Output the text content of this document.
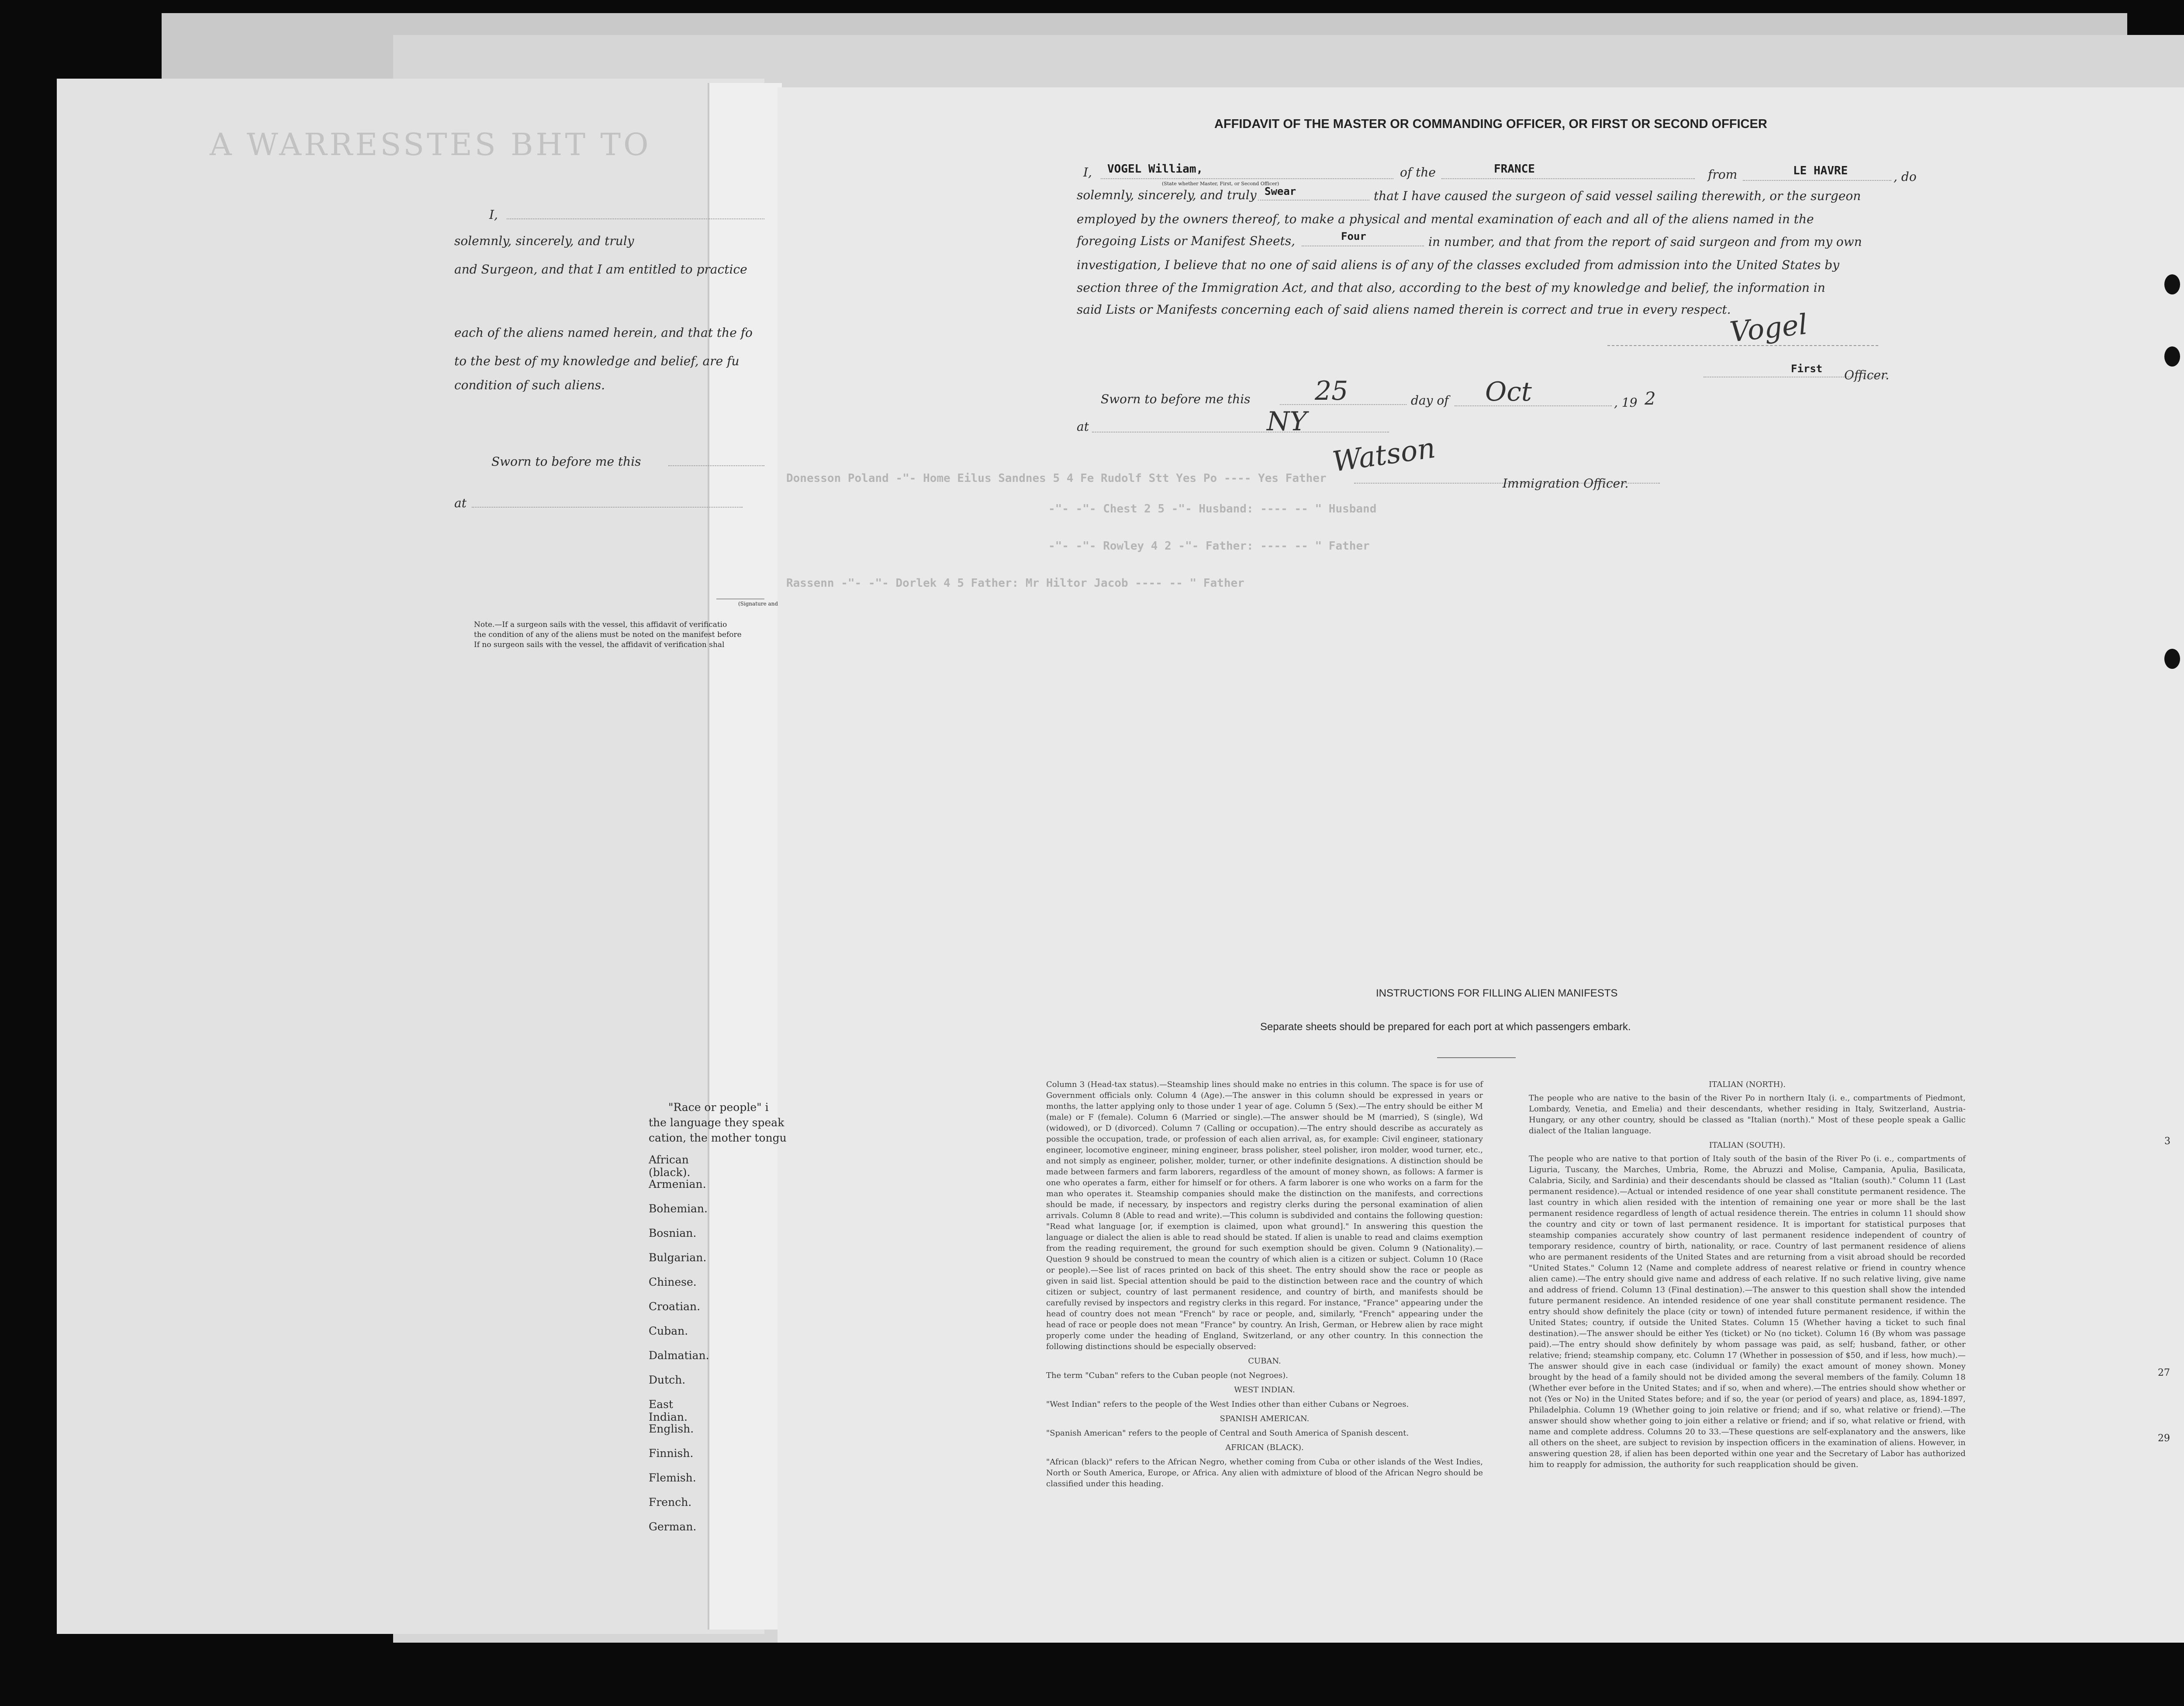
A WARRESSTES BHT TO
Donesson Poland -"- Home Eilus Sandnes 5 4 Fe Rudolf Stt Yes Po ---- Yes Father
-"- -"- Chest 2 5 -"- Husband: ---- -- " Husband
-"- -"- Rowley 4 2 -"- Father: ---- -- " Father
Rassenn -"- -"- Dorlek 4 5 Father: Mr Hiltor Jacob ---- -- " Father
I,
solemnly, sincerely, and truly
and Surgeon, and that I am entitled to practice
each of the aliens named herein, and that the fo
to the best of my knowledge and belief, are fu
condition of such aliens.
Sworn to before me this
at
(Signature and
Note.—If a surgeon sails with the vessel, this affidavit of verificatio
the condition of any of the aliens must be noted on the manifest before
If no surgeon sails with the vessel, the affidavit of verification shal
"Race or people" i
the language they speak
cation, the mother tongu
African (black).
Armenian.
Bohemian.
Bosnian.
Bulgarian.
Chinese.
Croatian.
Cuban.
Dalmatian.
Dutch.
East Indian.
English.
Finnish.
Flemish.
French.
German.
AFFIDAVIT OF THE MASTER OR COMMANDING OFFICER, OR FIRST OR SECOND OFFICER
I, VOGEL William,	of the	FRANCE	from	LE HAVRE	, do
(State whether Master, First, or Second Officer)
solemnly, sincerely, and truly Swear	that I have caused the surgeon of said vessel sailing therewith, or the surgeon
employed by the owners thereof, to make a physical and mental examination of each and all of the aliens named in the
foregoing Lists or Manifest Sheets,	Four	in number, and that from the report of said surgeon and from my own
investigation, I believe that no one of said aliens is of any of the classes excluded from admission into the United States by
section three of the Immigration Act, and that also, according to the best of my knowledge and belief, the information in
said Lists or Manifests concerning each of said aliens named therein is correct and true in every respect.
Vogel
First Officer.
Sworn to before me this 25	day of Oct	, 19 2
at	NY
Watson
Immigration Officer.
INSTRUCTIONS FOR FILLING ALIEN MANIFESTS
Separate sheets should be prepared for each port at which passengers embark.
Column 3 (Head-tax status).—Steamship lines should make no entries in this column. The space is for use of Government officials only. Column 4 (Age).—The answer in this column should be expressed in years or months, the latter applying only to those under 1 year of age. Column 5 (Sex).—The entry should be either M (male) or F (female). Column 6 (Married or single).—The answer should be M (married), S (single), Wd (widowed), or D (divorced). Column 7 (Calling or occupation).—The entry should describe as accurately as possible the occupation, trade, or profession of each alien arrival, as, for example: Civil engineer, stationary engineer, locomotive engineer, mining engineer, brass polisher, steel polisher, iron molder, wood turner, etc., and not simply as engineer, polisher, molder, turner, or other indefinite designations. A distinction should be made between farmers and farm laborers, regardless of the amount of money shown, as follows: A farmer is one who operates a farm, either for himself or for others. A farm laborer is one who works on a farm for the man who operates it. Steamship companies should make the distinction on the manifests, and corrections should be made, if necessary, by inspectors and registry clerks during the personal examination of alien arrivals. Column 8 (Able to read and write).—This column is subdivided and contains the following question: "Read what language [or, if exemption is claimed, upon what ground]." In answering this question the language or dialect the alien is able to read should be stated. If alien is unable to read and claims exemption from the reading requirement, the ground for such exemption should be given. Column 9 (Nationality).—Question 9 should be construed to mean the country of which alien is a citizen or subject. Column 10 (Race or people).—See list of races printed on back of this sheet. The entry should show the race or people as given in said list. Special attention should be paid to the distinction between race and the country of which citizen or subject, country of last permanent residence, and country of birth, and manifests should be carefully revised by inspectors and registry clerks in this regard. For instance, "France" appearing under the head of country does not mean "French" by race or people, and, similarly, "French" appearing under the head of race or people does not mean "France" by country. An Irish, German, or Hebrew alien by race might properly come under the heading of England, Switzerland, or any other country. In this connection the following distinctions should be especially observed:
CUBAN.
The term "Cuban" refers to the Cuban people (not Negroes).
WEST INDIAN.
"West Indian" refers to the people of the West Indies other than either Cubans or Negroes.
SPANISH AMERICAN.
"Spanish American" refers to the people of Central and South America of Spanish descent.
AFRICAN (BLACK).
"African (black)" refers to the African Negro, whether coming from Cuba or other islands of the West Indies, North or South America, Europe, or Africa. Any alien with admixture of blood of the African Negro should be classified under this heading.
ITALIAN (NORTH).
The people who are native to the basin of the River Po in northern Italy (i. e., compartments of Piedmont, Lombardy, Venetia, and Emelia) and their descendants, whether residing in Italy, Switzerland, Austria-Hungary, or any other country, should be classed as "Italian (north)." Most of these people speak a Gallic dialect of the Italian language.
ITALIAN (SOUTH).
The people who are native to that portion of Italy south of the basin of the River Po (i. e., compartments of Liguria, Tuscany, the Marches, Umbria, Rome, the Abruzzi and Molise, Campania, Apulia, Basilicata, Calabria, Sicily, and Sardinia) and their descendants should be classed as "Italian (south)." Column 11 (Last permanent residence).—Actual or intended residence of one year shall constitute permanent residence. The last country in which alien resided with the intention of remaining one year or more shall be the last permanent residence regardless of length of actual residence therein. The entries in column 11 should show the country and city or town of last permanent residence. It is important for statistical purposes that steamship companies accurately show country of last permanent residence independent of country of temporary residence, country of birth, nationality, or race. Country of last permanent residence of aliens who are permanent residents of the United States and are returning from a visit abroad should be recorded "United States." Column 12 (Name and complete address of nearest relative or friend in country whence alien came).—The entry should give name and address of each relative. If no such relative living, give name and address of friend. Column 13 (Final destination).—The answer to this question shall show the intended future permanent residence. An intended residence of one year shall constitute permanent residence. The entry should show definitely the place (city or town) of intended future permanent residence, if within the United States; country, if outside the United States. Column 15 (Whether having a ticket to such final destination).—The answer should be either Yes (ticket) or No (no ticket). Column 16 (By whom was passage paid).—The entry should show definitely by whom passage was paid, as self; husband, father, or other relative; friend; steamship company, etc. Column 17 (Whether in possession of $50, and if less, how much).—The answer should give in each case (individual or family) the exact amount of money shown. Money brought by the head of a family should not be divided among the several members of the family. Column 18 (Whether ever before in the United States; and if so, when and where).—The entries should show whether or not (Yes or No) in the United States before; and if so, the year (or period of years) and place, as, 1894-1897, Philadelphia. Column 19 (Whether going to join relative or friend; and if so, what relative or friend).—The answer should show whether going to join either a relative or friend; and if so, what relative or friend, with name and complete address. Columns 20 to 33.—These questions are self-explanatory and the answers, like all others on the sheet, are subject to revision by inspection officers in the examination of aliens. However, in answering question 28, if alien has been deported within one year and the Secretary of Labor has authorized him to reapply for admission, the authority for such reapplication should be given.
3
27
29
